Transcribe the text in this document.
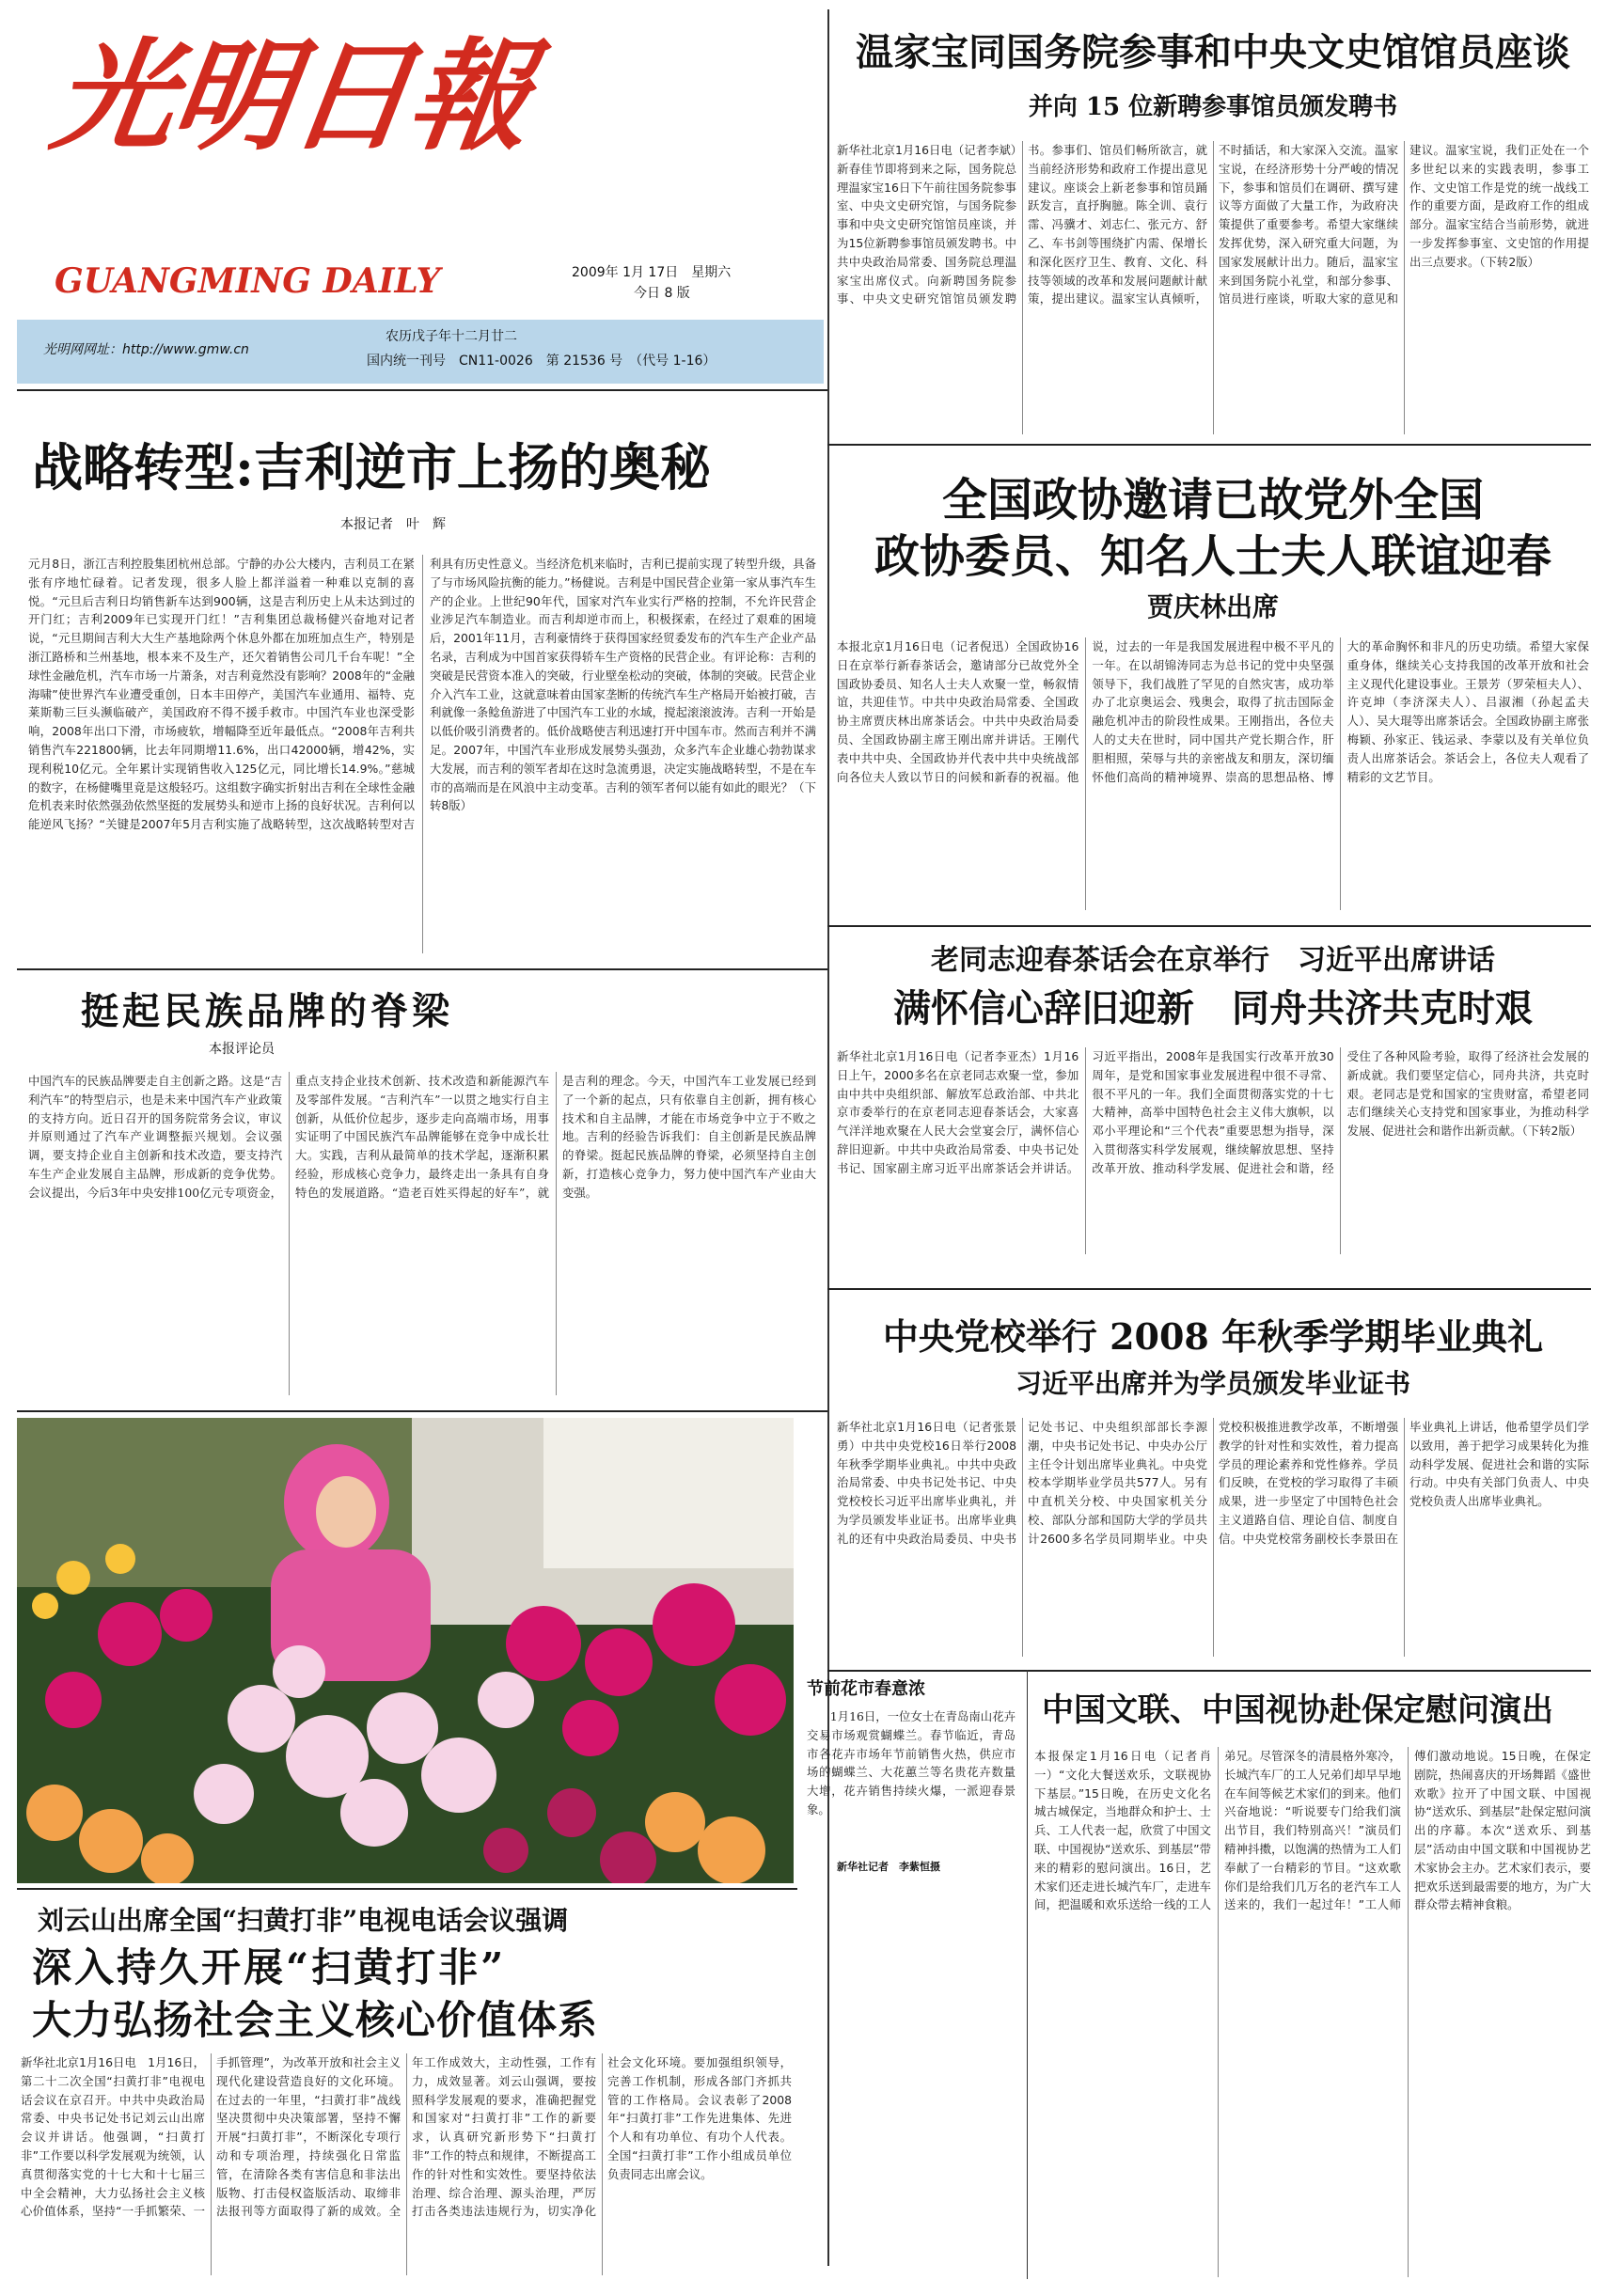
光明日報
GUANGMING DAILY	2009年 1月 17日　星期六
今日 8 版
光明网网址：http://www.gmw.cn
农历戊子年十二月廿二
国内统一刊号　CN11-0026　第 21536 号　（代号 1-16）
温家宝同国务院参事和中央文史馆馆员座谈
并向 15 位新聘参事馆员颁发聘书
新华社北京1月16日电（记者李斌）新春佳节即将到来之际，国务院总理温家宝16日下午前往国务院参事室、中央文史研究馆，与国务院参事和中央文史研究馆馆员座谈，并为15位新聘参事馆员颁发聘书。中共中央政治局常委、国务院总理温家宝出席仪式。向新聘国务院参事、中央文史研究馆馆员颁发聘书。参事们、馆员们畅所欲言，就当前经济形势和政府工作提出意见建议。座谈会上新老参事和馆员踊跃发言，直抒胸臆。陈全训、袁行霈、冯骥才、刘志仁、张元方、舒乙、车书剑等围绕扩内需、保增长和深化医疗卫生、教育、文化、科技等领域的改革和发展问题献计献策，提出建议。温家宝认真倾听，不时插话，和大家深入交流。温家宝说，在经济形势十分严峻的情况下，参事和馆员们在调研、撰写建议等方面做了大量工作，为政府决策提供了重要参考。希望大家继续发挥优势，深入研究重大问题，为国家发展献计出力。随后，温家宝来到国务院小礼堂，和部分参事、馆员进行座谈，听取大家的意见和建议。温家宝说，我们正处在一个多世纪以来的实践表明，参事工作、文史馆工作是党的统一战线工作的重要方面，是政府工作的组成部分。温家宝结合当前形势，就进一步发挥参事室、文史馆的作用提出三点要求。（下转2版）
战略转型:吉利逆市上扬的奥秘
本报记者　叶　辉
元月8日，浙江吉利控股集团杭州总部。宁静的办公大楼内，吉利员工在紧张有序地忙碌着。记者发现，很多人脸上都洋溢着一种难以克制的喜悦。“元旦后吉利日均销售新车达到900辆，这是吉利历史上从未达到过的开门红；吉利2009年已实现开门红！”吉利集团总裁杨健兴奋地对记者说，“元旦期间吉利大大生产基地除两个休息外都在加班加点生产，特别是浙江路桥和兰州基地，根本来不及生产，还欠着销售公司几千台车呢！”全球性金融危机，汽车市场一片萧条，对吉利竟然没有影响？2008年的“金融海啸”使世界汽车业遭受重创，日本丰田停产，美国汽车业通用、福特、克莱斯勒三巨头濒临破产，美国政府不得不援手救市。中国汽车业也深受影响，2008年出口下滑，市场疲软，增幅降至近年最低点。“2008年吉利共销售汽车221800辆，比去年同期增11.6%，出口42000辆，增42%，实现利税10亿元。全年累计实现销售收入125亿元，同比增长14.9%。”慈城的数字，在杨健嘴里竟是这般轻巧。这组数字确实折射出吉利在全球性金融危机表来时依然强劲依然坚挺的发展势头和逆市上扬的良好状况。吉利何以能逆风飞扬？“关键是2007年5月吉利实施了战略转型，这次战略转型对吉利具有历史性意义。当经济危机来临时，吉利已提前实现了转型升级，具备了与市场风险抗衡的能力。”杨健说。吉利是中国民营企业第一家从事汽车生产的企业。上世纪90年代，国家对汽车业实行严格的控制，不允许民营企业涉足汽车制造业。而吉利却逆市而上，积极探索，在经过了艰难的困境后，2001年11月，吉利豪情终于获得国家经贸委发布的汽车生产企业产品名录，吉利成为中国首家获得轿车生产资格的民营企业。有评论称：吉利的突破是民营资本准入的突破，行业壁垒松动的突破，体制的突破。民营企业介入汽车工业，这就意味着由国家垄断的传统汽车生产格局开始被打破，吉利就像一条鲶鱼游进了中国汽车工业的水域，搅起滚滚波涛。吉利一开始是以低价吸引消费者的。低价战略使吉利迅速打开中国车市。然而吉利并不满足。2007年，中国汽车业形成发展势头强劲，众多汽车企业雄心勃勃谋求大发展，而吉利的领军者却在这时急流勇退，决定实施战略转型，不是在车市的高端而是在风浪中主动变革。吉利的领军者何以能有如此的眼光？（下转8版）
全国政协邀请已故党外全国
政协委员、知名人士夫人联谊迎春
贾庆林出席
本报北京1月16日电（记者倪迅）全国政协16日在京举行新春茶话会，邀请部分已故党外全国政协委员、知名人士夫人欢聚一堂，畅叙情谊，共迎佳节。中共中央政治局常委、全国政协主席贾庆林出席茶话会。中共中央政治局委员、全国政协副主席王刚出席并讲话。王刚代表中共中央、全国政协并代表中共中央统战部向各位夫人致以节日的问候和新春的祝福。他说，过去的一年是我国发展进程中极不平凡的一年。在以胡锦涛同志为总书记的党中央坚强领导下，我们战胜了罕见的自然灾害，成功举办了北京奥运会、残奥会，取得了抗击国际金融危机冲击的阶段性成果。王刚指出，各位夫人的丈夫在世时，同中国共产党长期合作，肝胆相照，荣辱与共的亲密战友和朋友，深切缅怀他们高尚的精神境界、崇高的思想品格、博大的革命胸怀和非凡的历史功绩。希望大家保重身体，继续关心支持我国的改革开放和社会主义现代化建设事业。王景芳（罗荣桓夫人）、许克坤（李济深夫人）、吕淑湘（孙起孟夫人）、吴大琨等出席茶话会。全国政协副主席张梅颖、孙家正、钱运录、李蒙以及有关单位负责人出席茶话会。茶话会上，各位夫人观看了精彩的文艺节目。
老同志迎春茶话会在京举行　习近平出席讲话
满怀信心辞旧迎新　同舟共济共克时艰
新华社北京1月16日电（记者李亚杰）1月16日上午，2000多名在京老同志欢聚一堂，参加由中共中央组织部、解放军总政治部、中共北京市委举行的在京老同志迎春茶话会，大家喜气洋洋地欢聚在人民大会堂宴会厅，满怀信心辞旧迎新。中共中央政治局常委、中央书记处书记、国家副主席习近平出席茶话会并讲话。习近平指出，2008年是我国实行改革开放30周年，是党和国家事业发展进程中很不寻常、很不平凡的一年。我们全面贯彻落实党的十七大精神，高举中国特色社会主义伟大旗帜，以邓小平理论和“三个代表”重要思想为指导，深入贯彻落实科学发展观，继续解放思想、坚持改革开放、推动科学发展、促进社会和谐，经受住了各种风险考验，取得了经济社会发展的新成就。我们要坚定信心，同舟共济，共克时艰。老同志是党和国家的宝贵财富，希望老同志们继续关心支持党和国家事业，为推动科学发展、促进社会和谐作出新贡献。（下转2版）
挺起民族品牌的脊梁
本报评论员
中国汽车的民族品牌要走自主创新之路。这是“吉利汽车”的特型启示，也是未来中国汽车产业政策的支持方向。近日召开的国务院常务会议，审议并原则通过了汽车产业调整振兴规划。会议强调，要支持企业自主创新和技术改造，要支持汽车生产企业发展自主品牌，形成新的竞争优势。会议提出，今后3年中央安排100亿元专项资金，重点支持企业技术创新、技术改造和新能源汽车及零部件发展。“吉利汽车”一以贯之地实行自主创新，从低价位起步，逐步走向高端市场，用事实证明了中国民族汽车品牌能够在竞争中成长壮大。实践，吉利从最简单的技术学起，逐渐积累经验，形成核心竞争力，最终走出一条具有自身特色的发展道路。“造老百姓买得起的好车”，就是吉利的理念。今天，中国汽车工业发展已经到了一个新的起点，只有依靠自主创新，拥有核心技术和自主品牌，才能在市场竞争中立于不败之地。吉利的经验告诉我们：自主创新是民族品牌的脊梁。挺起民族品牌的脊梁，必须坚持自主创新，打造核心竞争力，努力使中国汽车产业由大变强。
中央党校举行 2008 年秋季学期毕业典礼
习近平出席并为学员颁发毕业证书
新华社北京1月16日电（记者张景勇）中共中央党校16日举行2008年秋季学期毕业典礼。中共中央政治局常委、中央书记处书记、中央党校校长习近平出席毕业典礼，并为学员颁发毕业证书。出席毕业典礼的还有中央政治局委员、中央书记处书记、中央组织部部长李源潮，中央书记处书记、中央办公厅主任令计划出席毕业典礼。中央党校本学期毕业学员共577人。另有中直机关分校、中央国家机关分校、部队分部和国防大学的学员共计2600多名学员同期毕业。中央党校积极推进教学改革，不断增强教学的针对性和实效性，着力提高学员的理论素养和党性修养。学员们反映，在党校的学习取得了丰硕成果，进一步坚定了中国特色社会主义道路自信、理论自信、制度自信。中央党校常务副校长李景田在毕业典礼上讲话，他希望学员们学以致用，善于把学习成果转化为推动科学发展、促进社会和谐的实际行动。中央有关部门负责人、中央党校负责人出席毕业典礼。
节前花市春意浓
1月16日，一位女士在青岛南山花卉交易市场观赏蝴蝶兰。春节临近，青岛市各花卉市场年节前销售火热，供应市场的蝴蝶兰、大花蕙兰等名贵花卉数量大增，花卉销售持续火爆，一派迎春景象。
新华社记者　李紫恒摄
中国文联、中国视协赴保定慰问演出
本报保定1月16日电（记者肖一）“文化大餐送欢乐，文联视协下基层。”15日晚，在历史文化名城古城保定，当地群众和护士、士兵、工人代表一起，欣赏了中国文联、中国视协“送欢乐、到基层”带来的精彩的慰问演出。16日，艺术家们还走进长城汽车厂，走进车间，把温暖和欢乐送给一线的工人弟兄。尽管深冬的清晨格外寒冷，长城汽车厂的工人兄弟们却早早地在车间等候艺术家们的到来。他们兴奋地说：“听说要专门给我们演出节目，我们特别高兴！”演员们精神抖擞，以饱满的热情为工人们奉献了一台精彩的节目。“这欢歌你们是给我们几万名的老汽车工人送来的，我们一起过年！”工人师傅们激动地说。15日晚，在保定剧院，热闹喜庆的开场舞蹈《盛世欢歌》拉开了中国文联、中国视协“送欢乐、到基层”赴保定慰问演出的序幕。本次“送欢乐、到基层”活动由中国文联和中国视协艺术家协会主办。艺术家们表示，要把欢乐送到最需要的地方，为广大群众带去精神食粮。
刘云山出席全国“扫黄打非”电视电话会议强调
深入持久开展“扫黄打非”
大力弘扬社会主义核心价值体系
新华社北京1月16日电　1月16日，第二十二次全国“扫黄打非”电视电话会议在京召开。中共中央政治局常委、中央书记处书记刘云山出席会议并讲话。他强调，“扫黄打非”工作要以科学发展观为统领，认真贯彻落实党的十七大和十七届三中全会精神，大力弘扬社会主义核心价值体系，坚持“一手抓繁荣、一手抓管理”，为改革开放和社会主义现代化建设营造良好的文化环境。在过去的一年里，“扫黄打非”战线坚决贯彻中央决策部署，坚持不懈开展“扫黄打非”，不断深化专项行动和专项治理，持续强化日常监管，在清除各类有害信息和非法出版物、打击侵权盗版活动、取缔非法报刊等方面取得了新的成效。全年工作成效大，主动性强，工作有力，成效显著。刘云山强调，要按照科学发展观的要求，准确把握党和国家对“扫黄打非”工作的新要求，认真研究新形势下“扫黄打非”工作的特点和规律，不断提高工作的针对性和实效性。要坚持依法治理、综合治理、源头治理，严厉打击各类违法违规行为，切实净化社会文化环境。要加强组织领导，完善工作机制，形成各部门齐抓共管的工作格局。会议表彰了2008年“扫黄打非”工作先进集体、先进个人和有功单位、有功个人代表。全国“扫黄打非”工作小组成员单位负责同志出席会议。
